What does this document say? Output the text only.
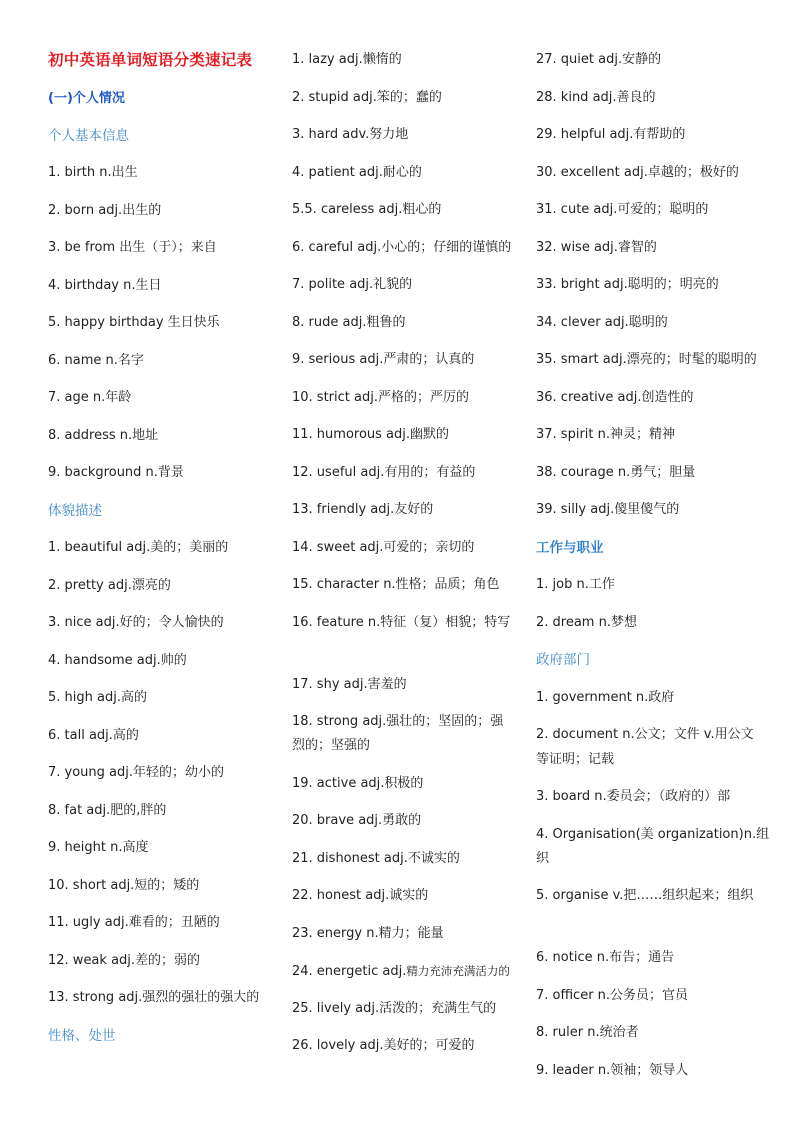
初中英语单词短语分类速记表
(一)个人情况
个人基本信息
1. birth n.出生
2. born adj.出生的
3. be from 出生（于）；来自
4. birthday n.生日
5. happy birthday 生日快乐
6. name n.名字
7. age n.年龄
8. address n.地址
9. background n.背景
体貌描述
1. beautiful adj.美的；美丽的
2. pretty adj.漂亮的
3. nice adj.好的；令人愉快的
4. handsome adj.帅的
5. high adj.高的
6. tall adj.高的
7. young adj.年轻的；幼小的
8. fat adj.肥的,胖的
9. height n.高度
10. short adj.短的；矮的
11. ugly adj.难看的；丑陋的
12. weak adj.差的；弱的
13. strong adj.强烈的强壮的强大的
性格、处世
1. lazy adj.懒惰的
2. stupid adj.笨的；蠢的
3. hard adv.努力地
4. patient adj.耐心的
5.5. careless adj.粗心的
6. careful adj.小心的；仔细的谨慎的
7. polite adj.礼貌的
8. rude adj.粗鲁的
9. serious adj.严肃的；认真的
10. strict adj.严格的；严厉的
11. humorous adj.幽默的
12. useful adj.有用的；有益的
13. friendly adj.友好的
14. sweet adj.可爱的；亲切的
15. character n.性格；品质；角色
16. feature n.特征（复）相貌；特写
17. shy adj.害羞的
18. strong adj.强壮的；坚固的；强
烈的；坚强的
19. active adj.积极的
20. brave adj.勇敢的
21. dishonest adj.不诚实的
22. honest adj.诚实的
23. energy n.精力；能量
24. energetic adj.精力充沛充满活力的
25. lively adj.活泼的；充满生气的
26. lovely adj.美好的；可爱的
27. quiet adj.安静的
28. kind adj.善良的
29. helpful adj.有帮助的
30. excellent adj.卓越的；极好的
31. cute adj.可爱的；聪明的
32. wise adj.睿智的
33. bright adj.聪明的；明亮的
34. clever adj.聪明的
35. smart adj.漂亮的；时髦的聪明的
36. creative adj.创造性的
37. spirit n.神灵；精神
38. courage n.勇气；胆量
39. silly adj.傻里傻气的
工作与职业
1. job n.工作
2. dream n.梦想
政府部门
1. government n.政府
2. document n.公文；文件 v.用公文
等证明；记载
3. board n.委员会；（政府的）部
4. Organisation(美 organization)n.组
织
5. organise v.把……组织起来；组织
6. notice n.布告；通告
7. officer n.公务员；官员
8. ruler n.统治者
9. leader n.领袖；领导人
